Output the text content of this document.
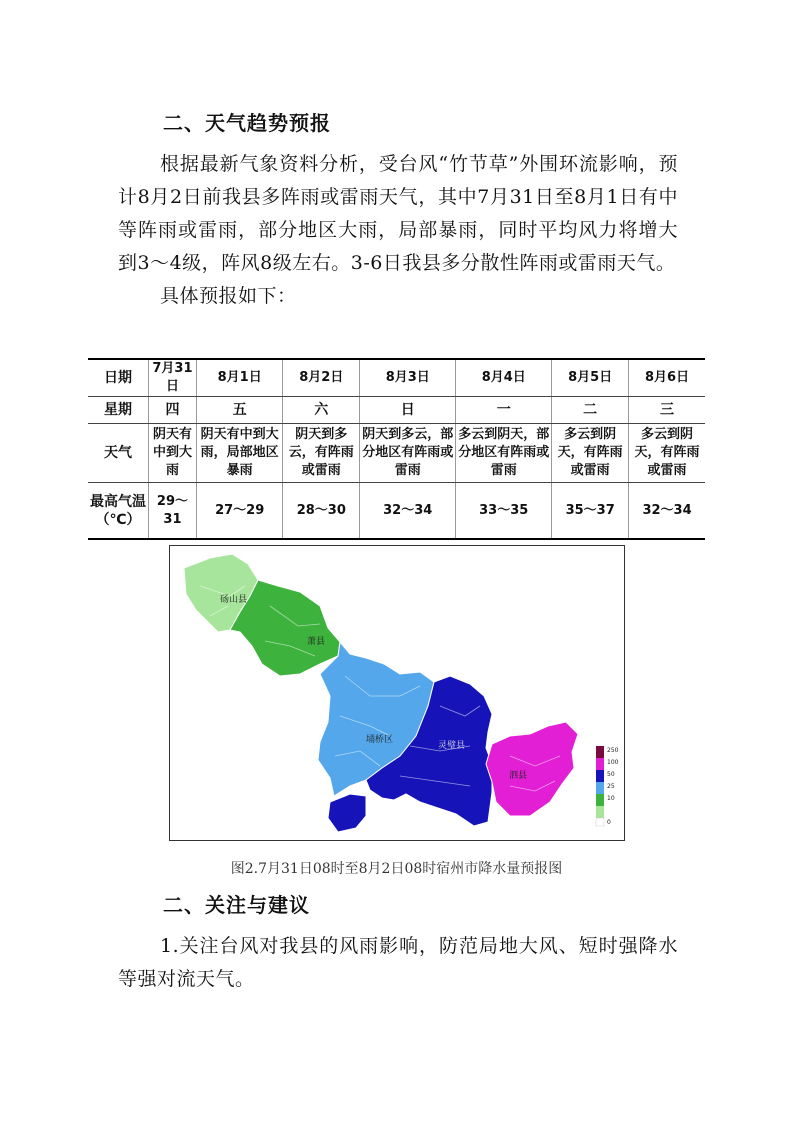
二、天气趋势预报

根据最新气象资料分析，受台风“竹节草”外围环流影响，预计8月2日前我县多阵雨或雷雨天气，其中7月31日至8月1日有中等阵雨或雷雨，部分地区大雨，局部暴雨，同时平均风力将增大到3～4级，阵风8级左右。3-6日我县多分散性阵雨或雷雨天气。

具体预报如下：

日期	7月31日	8月1日	8月2日	8月3日	8月4日	8月5日	8月6日
星期	四	五	六	日	一	二	三
天气	阴天有中到大雨	阴天有中到大雨，局部地区暴雨	阴天到多云，有阵雨或雷雨	阴天到多云，部分地区有阵雨或雷雨	多云到阴天，部分地区有阵雨或雷雨	多云到阴天，有阵雨或雷雨	多云到阴天，有阵雨或雷雨
最高气温（℃）	29～31	27～29	28～30	32～34	33～35	35～37	32～34
砀山县
萧县
埇桥区
灵璧县
泗县
250
100
50
25
10
0
图2.7月31日08时至8月2日08时宿州市降水量预报图
二、关注与建议

1.关注台风对我县的风雨影响，防范局地大风、短时强降水等强对流天气。
